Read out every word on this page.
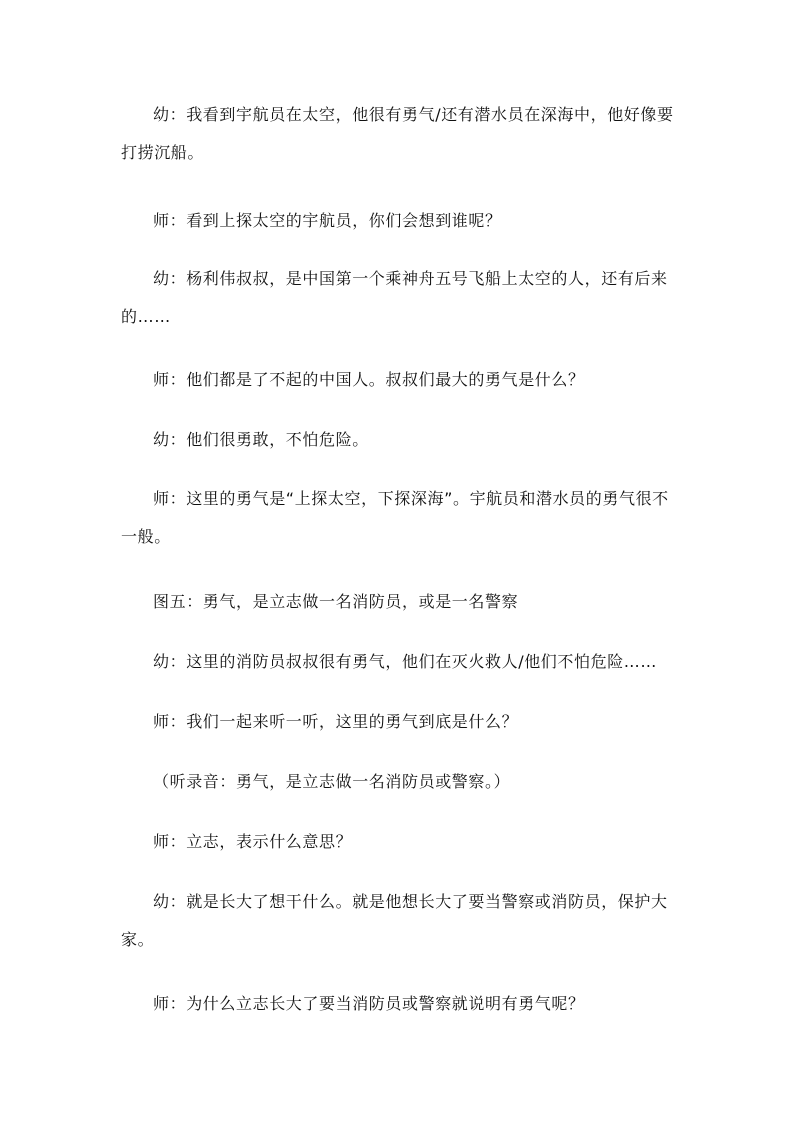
幼：我看到宇航员在太空，他很有勇气/还有潜水员在深海中，他好像要打捞沉船。

师：看到上探太空的宇航员，你们会想到谁呢？

幼：杨利伟叔叔，是中国第一个乘神舟五号飞船上太空的人，还有后来的……

师：他们都是了不起的中国人。叔叔们最大的勇气是什么？

幼：他们很勇敢，不怕危险。

师：这里的勇气是“上探太空，下探深海”。宇航员和潜水员的勇气很不一般。

图五：勇气，是立志做一名消防员，或是一名警察

幼：这里的消防员叔叔很有勇气，他们在灭火救人/他们不怕危险……

师：我们一起来听一听，这里的勇气到底是什么？

（听录音：勇气，是立志做一名消防员或警察。）

师：立志，表示什么意思？

幼：就是长大了想干什么。就是他想长大了要当警察或消防员，保护大家。

师：为什么立志长大了要当消防员或警察就说明有勇气呢？
